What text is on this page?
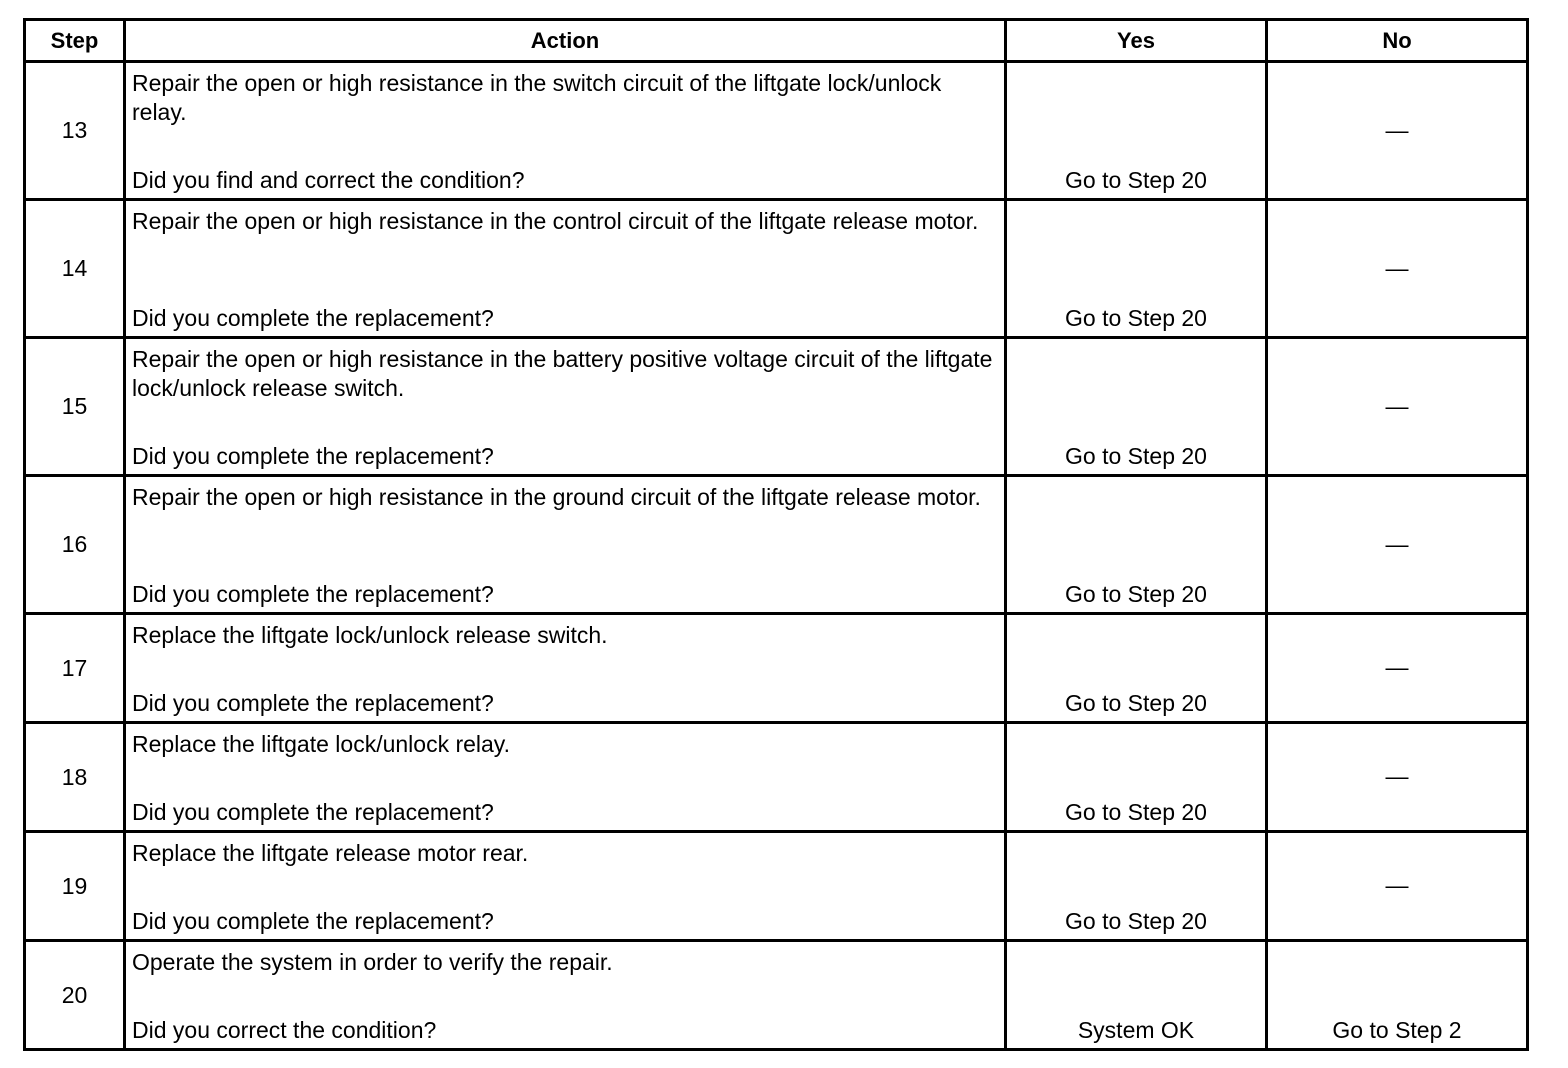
Step	Action	Yes	No
13	Repair the open or high resistance in the switch circuit of the liftgate lock/unlock relay.
Did you find and correct the condition?	Go to Step 20	—

14	Repair the open or high resistance in the control circuit of the liftgate release motor.
Did you complete the replacement?	Go to Step 20	—

15	Repair the open or high resistance in the battery positive voltage circuit of the liftgate lock/unlock release switch.
Did you complete the replacement?	Go to Step 20	—

16	Repair the open or high resistance in the ground circuit of the liftgate release motor.
Did you complete the replacement?	Go to Step 20	—

17	Replace the liftgate lock/unlock release switch.
Did you complete the replacement?	Go to Step 20	—

18	Replace the liftgate lock/unlock relay.
Did you complete the replacement?	Go to Step 20	—

19	Replace the liftgate release motor rear.
Did you complete the replacement?	Go to Step 20	—

20	Operate the system in order to verify the repair.
Did you correct the condition?	System OK	Go to Step 2
